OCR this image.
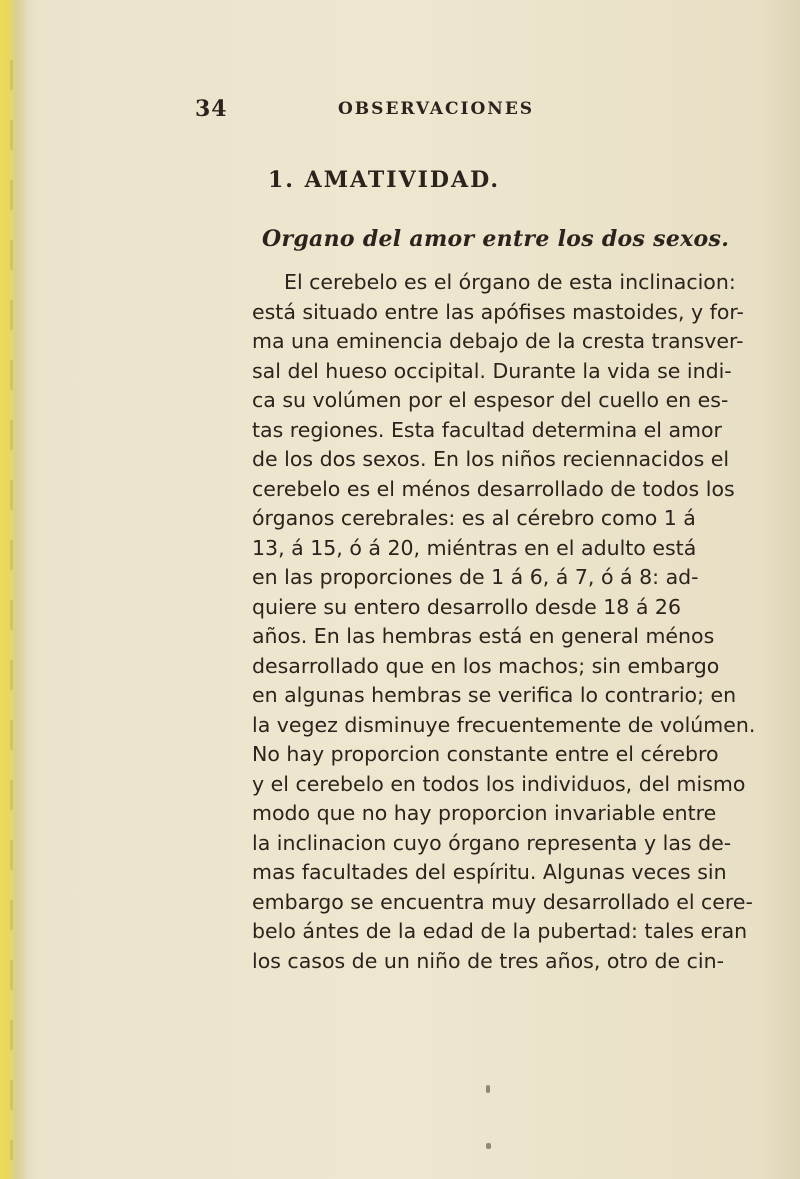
34	OBSERVACIONES
1. AMATIVIDAD.
Organo del amor entre los dos sexos.
El cerebelo es el órgano de esta inclinacion:
está situado entre las apófises mastoides, y for-
ma una eminencia debajo de la cresta transver-
sal del hueso occipital. Durante la vida se indi-
ca su volúmen por el espesor del cuello en es-
tas regiones. Esta facultad determina el amor
de los dos sexos. En los niños reciennacidos el
cerebelo es el ménos desarrollado de todos los
órganos cerebrales: es al cérebro como 1 á
13, á 15, ó á 20, miéntras en el adulto está
en las proporciones de 1 á 6, á 7, ó á 8: ad-
quiere su entero desarrollo desde 18 á 26
años. En las hembras está en general ménos
desarrollado que en los machos; sin embargo
en algunas hembras se verifica lo contrario; en
la vegez disminuye frecuentemente de volúmen.
No hay proporcion constante entre el cérebro
y el cerebelo en todos los individuos, del mismo
modo que no hay proporcion invariable entre
la inclinacion cuyo órgano representa y las de-
mas facultades del espíritu. Algunas veces sin
embargo se encuentra muy desarrollado el cere-
belo ántes de la edad de la pubertad: tales eran
los casos de un niño de tres años, otro de cin-
